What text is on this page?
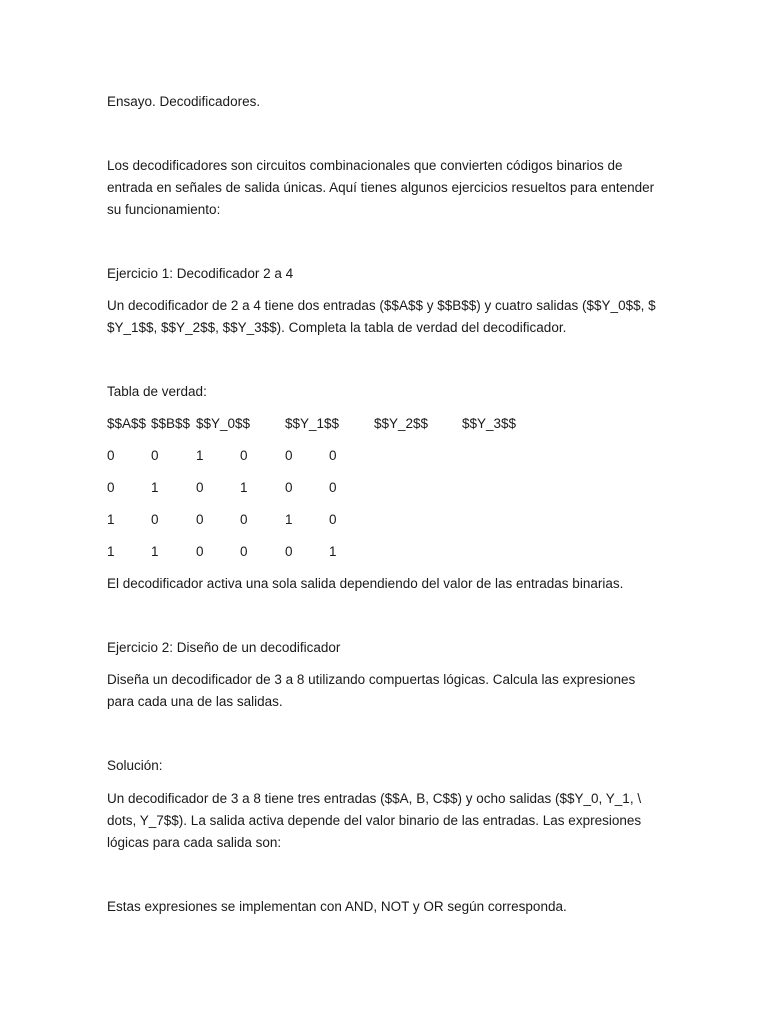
Ensayo. Decodificadores.
Los decodificadores son circuitos combinacionales que convierten códigos binarios de
entrada en señales de salida únicas. Aquí tienes algunos ejercicios resueltos para entender
su funcionamiento:
Ejercicio 1: Decodificador 2 a 4
Un decodificador de 2 a 4 tiene dos entradas ($$A$$ y $$B$$) y cuatro salidas ($$Y_0$$, $
$Y_1$$, $$Y_2$$, $$Y_3$$). Completa la tabla de verdad del decodificador.
Tabla de verdad:
$$A$$ $$B$$ $$Y_0$$	$$Y_1$$	$$Y_2$$	$$Y_3$$
0	0	1	0	0	0
0	1	0	1	0	0
1	0	0	0	1	0
1	1	0	0	0	1
El decodificador activa una sola salida dependiendo del valor de las entradas binarias.
Ejercicio 2: Diseño de un decodificador
Diseña un decodificador de 3 a 8 utilizando compuertas lógicas. Calcula las expresiones
para cada una de las salidas.
Solución:
Un decodificador de 3 a 8 tiene tres entradas ($$A, B, C$$) y ocho salidas ($$Y_0, Y_1, \
dots, Y_7$$). La salida activa depende del valor binario de las entradas. Las expresiones
lógicas para cada salida son:
Estas expresiones se implementan con AND, NOT y OR según corresponda.
